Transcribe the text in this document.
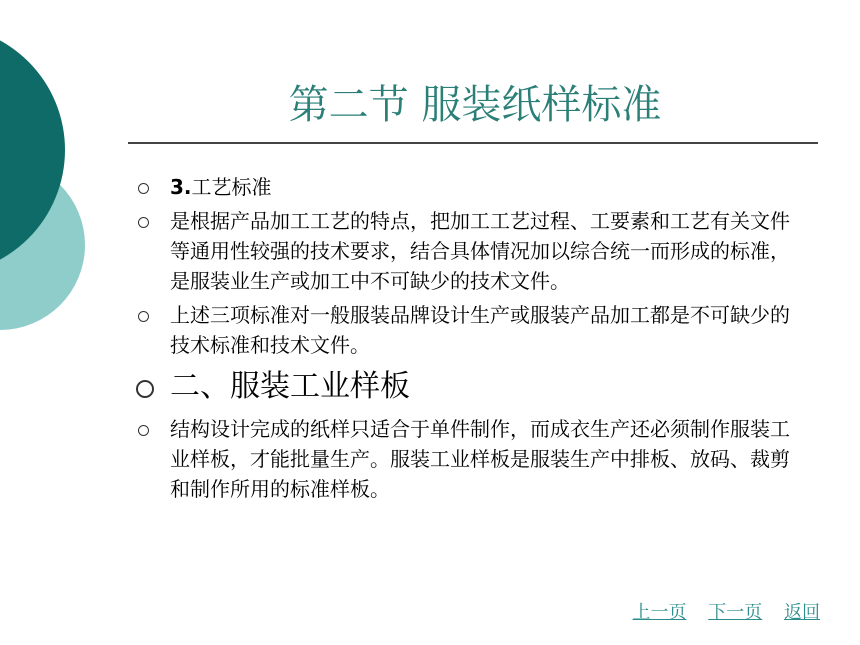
第二节 服装纸样标准
3.工艺标准
是根据产品加工工艺的特点，把加工工艺过程、工要素和工艺有关文件等通用性较强的技术要求，结合具体情况加以综合统一而形成的标准，是服装业生产或加工中不可缺少的技术文件。
上述三项标准对一般服装品牌设计生产或服装产品加工都是不可缺少的技术标准和技术文件。
二、服装工业样板
结构设计完成的纸样只适合于单件制作，而成衣生产还必须制作服装工业样板，才能批量生产。服装工业样板是服装生产中排板、放码、裁剪和制作所用的标准样板。
上一页 下一页 返回
